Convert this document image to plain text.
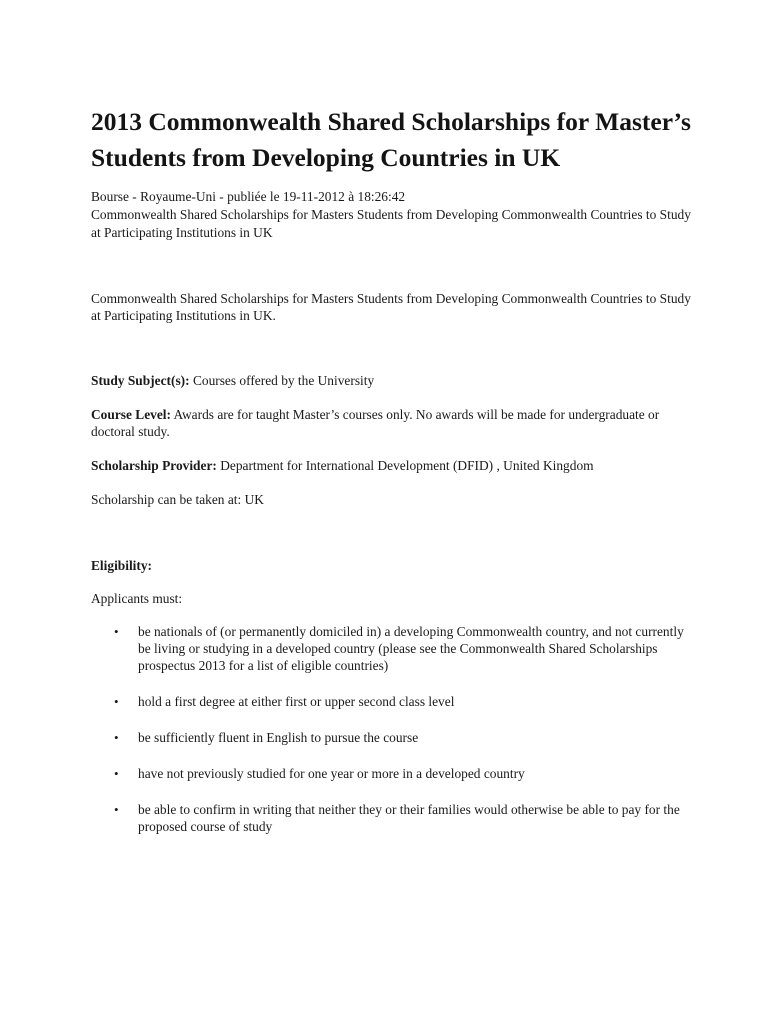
2013 Commonwealth Shared Scholarships for Master’s Students from Developing Countries in UK
Bourse - Royaume-Uni - publiée le 19-11-2012 à 18:26:42
Commonwealth Shared Scholarships for Masters Students from Developing Commonwealth Countries to Study at Participating Institutions in UK

Commonwealth Shared Scholarships for Masters Students from Developing Commonwealth Countries to Study at Participating Institutions in UK.

Study Subject(s): Courses offered by the University

Course Level: Awards are for taught Master’s courses only. No awards will be made for undergraduate or doctoral study.

Scholarship Provider: Department for International Development (DFID) , United Kingdom

Scholarship can be taken at: UK

Eligibility:

Applicants must:

• be nationals of (or permanently domiciled in) a developing Commonwealth country, and not currently be living or studying in a developed country (please see the Commonwealth Shared Scholarships prospectus 2013 for a list of eligible countries)
• hold a first degree at either first or upper second class level
• be sufficiently fluent in English to pursue the course
• have not previously studied for one year or more in a developed country
• be able to confirm in writing that neither they or their families would otherwise be able to pay for the proposed course of study
